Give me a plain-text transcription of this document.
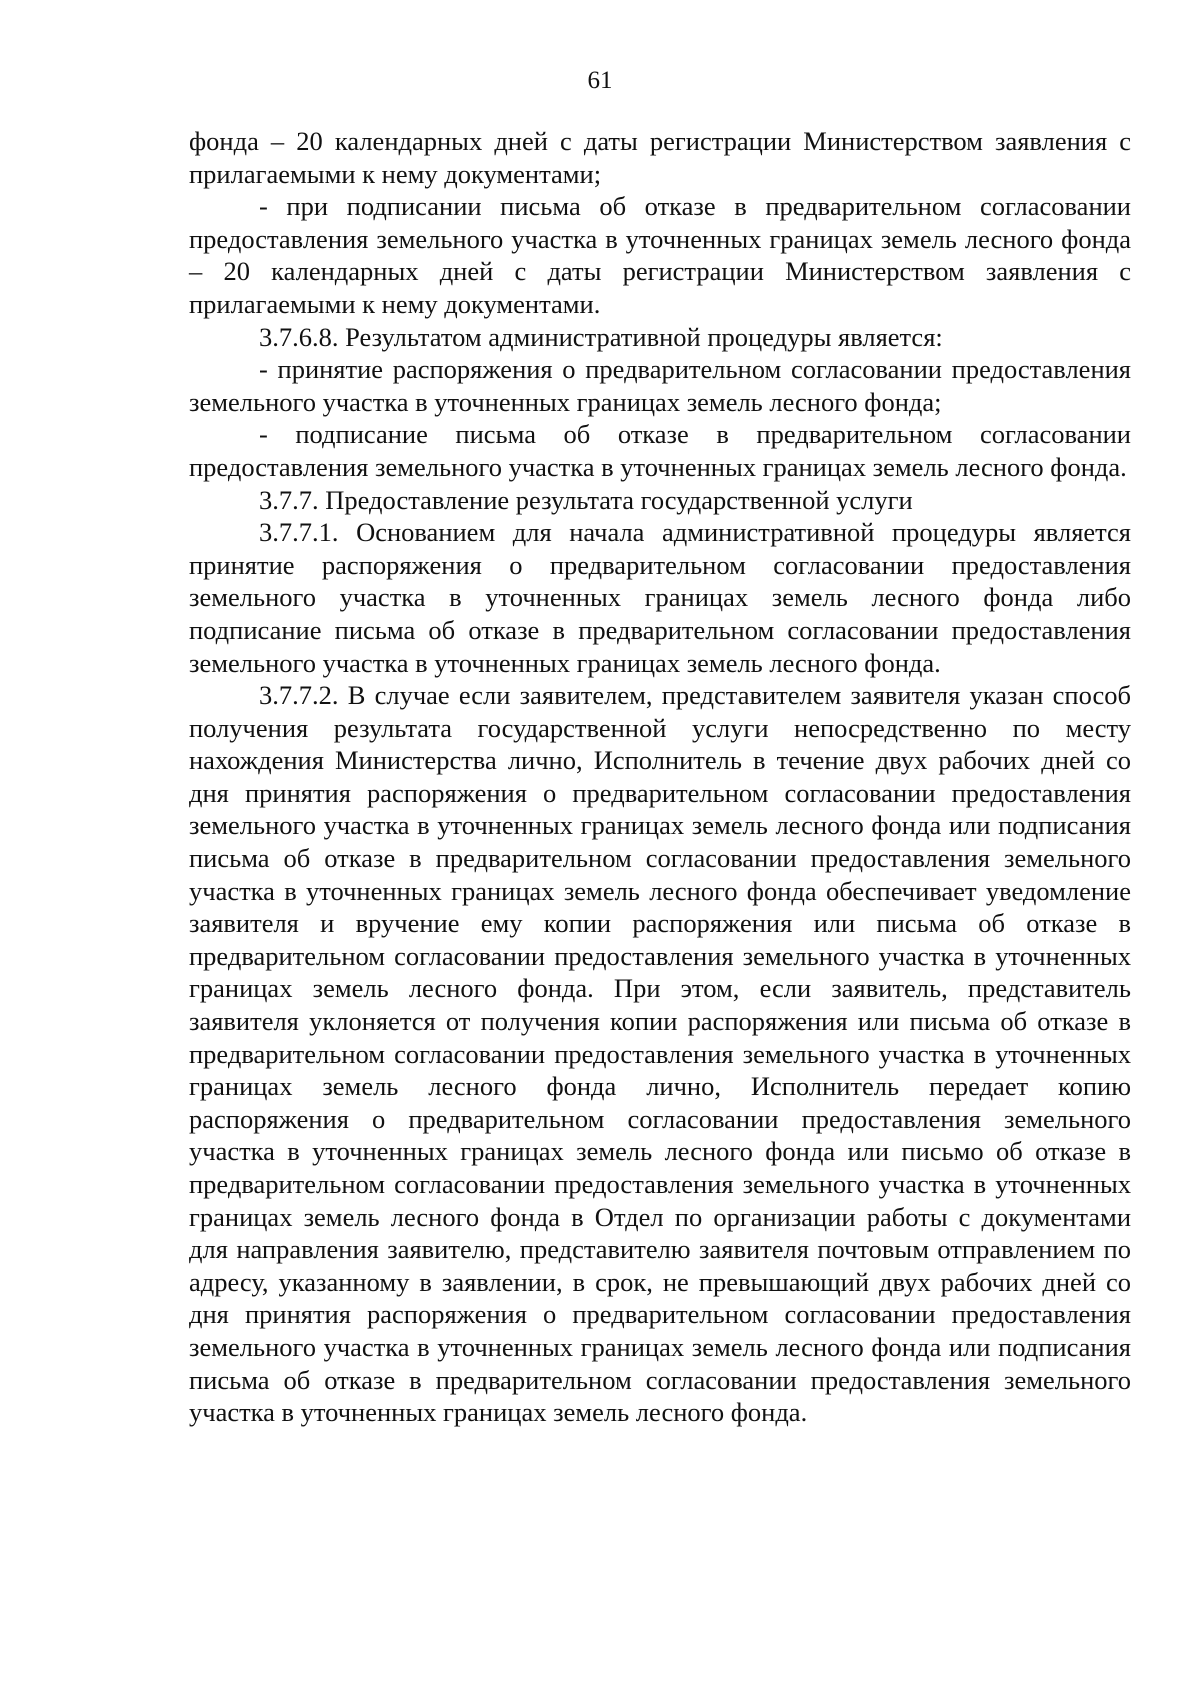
61

фонда – 20 календарных дней с даты регистрации Министерством заявления с прилагаемыми к нему документами;

- при подписании письма об отказе в предварительном согласовании предоставления земельного участка в уточненных границах земель лесного фонда – 20 календарных дней с даты регистрации Министерством заявления с прилагаемыми к нему документами.

3.7.6.8. Результатом административной процедуры является:

- принятие распоряжения о предварительном согласовании предоставления земельного участка в уточненных границах земель лесного фонда;

- подписание письма об отказе в предварительном согласовании предоставления земельного участка в уточненных границах земель лесного фонда.

3.7.7. Предоставление результата государственной услуги

3.7.7.1. Основанием для начала административной процедуры является принятие распоряжения о предварительном согласовании предоставления земельного участка в уточненных границах земель лесного фонда либо подписание письма об отказе в предварительном согласовании предоставления земельного участка в уточненных границах земель лесного фонда.

3.7.7.2. В случае если заявителем, представителем заявителя указан способ получения результата государственной услуги непосредственно по месту нахождения Министерства лично, Исполнитель в течение двух рабочих дней со дня принятия распоряжения о предварительном согласовании предоставления земельного участка в уточненных границах земель лесного фонда или подписания письма об отказе в предварительном согласовании предоставления земельного участка в уточненных границах земель лесного фонда обеспечивает уведомление заявителя и вручение ему копии распоряжения или письма об отказе в предварительном согласовании предоставления земельного участка в уточненных границах земель лесного фонда. При этом, если заявитель, представитель заявителя уклоняется от получения копии распоряжения или письма об отказе в предварительном согласовании предоставления земельного участка в уточненных границах земель лесного фонда лично, Исполнитель передает копию распоряжения о предварительном согласовании предоставления земельного участка в уточненных границах земель лесного фонда или письмо об отказе в предварительном согласовании предоставления земельного участка в уточненных границах земель лесного фонда в Отдел по организации работы с документами для направления заявителю, представителю заявителя почтовым отправлением по адресу, указанному в заявлении, в срок, не превышающий двух рабочих дней со дня принятия распоряжения о предварительном согласовании предоставления земельного участка в уточненных границах земель лесного фонда или подписания письма об отказе в предварительном согласовании предоставления земельного участка в уточненных границах земель лесного фонда.
